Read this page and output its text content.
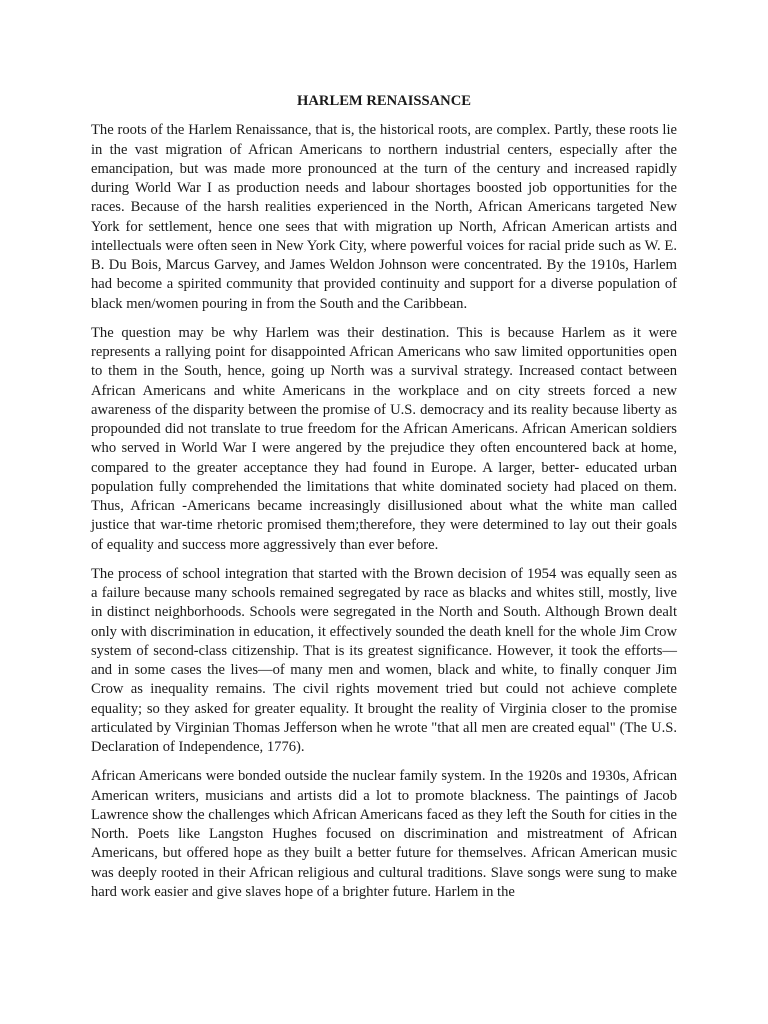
HARLEM RENAISSANCE

The roots of the Harlem Renaissance, that is, the historical roots, are complex. Partly, these roots lie in the vast migration of African Americans to northern industrial centers, especially after the emancipation, but was made more pronounced at the turn of the century and increased rapidly during World War I as production needs and labour shortages boosted job opportunities for the races. Because of the harsh realities experienced in the North, African Americans targeted New York for settlement, hence one sees that with migration up North, African American artists and intellectuals were often seen in New York City, where powerful voices for racial pride such as W. E. B. Du Bois, Marcus Garvey, and James Weldon Johnson were concentrated. By the 1910s, Harlem had become a spirited community that provided continuity and support for a diverse population of black men/women pouring in from the South and the Caribbean.

The question may be why Harlem was their destination. This is because Harlem as it were represents a rallying point for disappointed African Americans who saw limited opportunities open to them in the South, hence, going up North was a survival strategy. Increased contact between African Americans and white Americans in the workplace and on city streets forced a new awareness of the disparity between the promise of U.S. democracy and its reality because liberty as propounded did not translate to true freedom for the African Americans. African American soldiers who served in World War I were angered by the prejudice they often encountered back at home, compared to the greater acceptance they had found in Europe. A larger, better- educated urban population fully comprehended the limitations that white dominated society had placed on them. Thus, African -Americans became increasingly disillusioned about what the white man called justice that war-time rhetoric promised them;therefore, they were determined to lay out their goals of equality and success more aggressively than ever before.

The process of school integration that started with the Brown decision of 1954 was equally seen as a failure because many schools remained segregated by race as blacks and whites still, mostly, live in distinct neighborhoods. Schools were segregated in the North and South. Although Brown dealt only with discrimination in education, it effectively sounded the death knell for the whole Jim Crow system of second-class citizenship. That is its greatest significance. However, it took the efforts—and in some cases the lives—of many men and women, black and white, to finally conquer Jim Crow as inequality remains. The civil rights movement tried but could not achieve complete equality; so they asked for greater equality. It brought the reality of Virginia closer to the promise articulated by Virginian Thomas Jefferson when he wrote "that all men are created equal" (The U.S. Declaration of Independence, 1776).

African Americans were bonded outside the nuclear family system. In the 1920s and 1930s, African American writers, musicians and artists did a lot to promote blackness. The paintings of Jacob Lawrence show the challenges which African Americans faced as they left the South for cities in the North. Poets like Langston Hughes focused on discrimination and mistreatment of African Americans, but offered hope as they built a better future for themselves. African American music was deeply rooted in their African religious and cultural traditions. Slave songs were sung to make hard work easier and give slaves hope of a brighter future. Harlem in the
